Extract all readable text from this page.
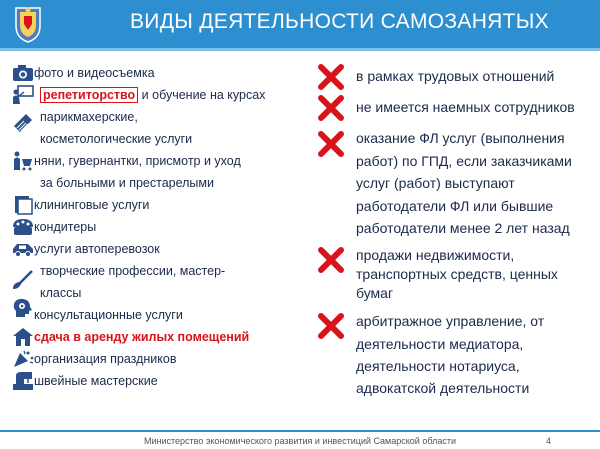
ВИДЫ ДЕЯТЕЛЬНОСТИ САМОЗАНЯТЫХ
фото и видеосъемка
репетиторство и обучение на курсах
парикмахерские,
косметологические услуги
няни, гувернантки, присмотр и уход
за больными и престарелыми
клининговые услуги
кондитеры
услуги автоперевозок
творческие профессии, мастер-
классы
консультационные услуги
сдача в аренду жилых помещений
организация праздников
швейные мастерские
в рамках трудовых отношений
не имеется наемных сотрудников
оказание ФЛ услуг (выполнения
работ) по ГПД, если заказчиками
услуг (работ) выступают
работодатели ФЛ или бывшие
работодатели менее 2 лет назад
продажи недвижимости,
транспортных средств, ценных
бумаг
арбитражное управление, от
деятельности медиатора,
деятельности нотариуса,
адвокатской деятельности
Министерство экономического развития и инвестиций Самарской области	4
